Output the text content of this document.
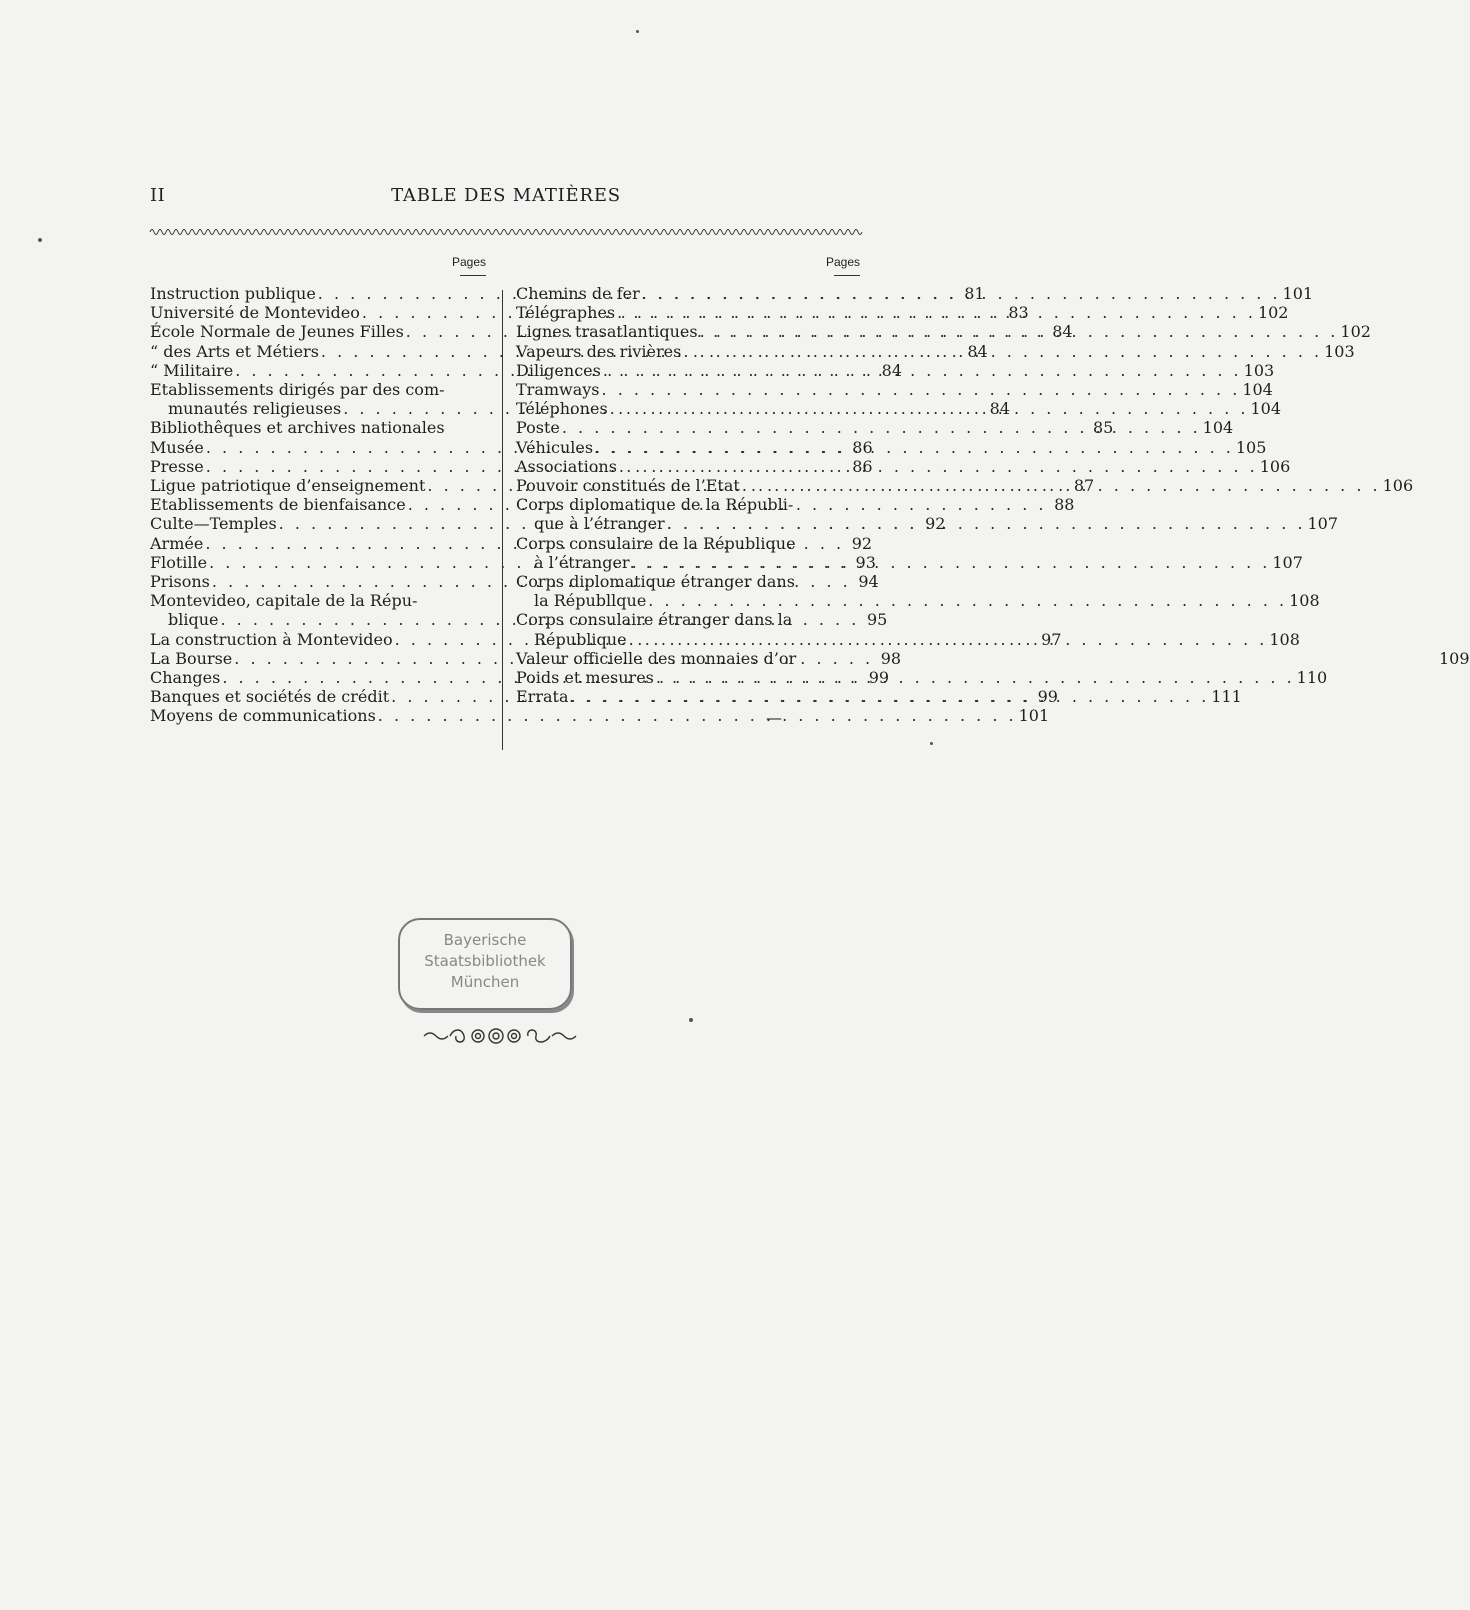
II	TABLE DES MATIÈRES
Pages
Instruction publique . . .	81
Université de Montevideo . . .	83
École Normale de Jeunes Filles . . .	84
“ des Arts et Métiers . . .	84
“ Militaire . . .	84
Etablissements dirigés par des com-
munautés religieuses . . .	84
Bibliothêques et archives nationales	85
Musée . . .	86
Presse . . .	86
Ligue patriotique d’enseignement . . .	87
Etablissements de bienfaisance . . .	88
Culte—Temples . . .	92
Armée . . .	92
Flotille . . .	93
Prisons . . .	94
Montevideo, capitale de la Répu-
blique . . .	95
La construction à Montevideo . . .	97
La Bourse . . .	98
Changes . . .	99
Banques et sociétés de crédit . . .	99
Moyens de communications . . .	101
Pages
Chemins de fer . . .	101
Télégraphes . . .	102
Lignes trasatlantiques . . .	102
Vapeurs des rivières . . .	103
Diligences . . .	103
Tramways . . .	104
Téléphones . . .	104
Poste . . .	104
Véhicules . . .	105
Associations . . .	106
Pouvoir constitués de l’Etat . . .	106
Corps diplomatique de la Républi-
que à l’étranger . . .	107
Corps consulaire de la République
à l’étranger . . .	107
Corps diplomatique étranger dans
la Républlque . . .	108
Corps consulaire étranger dans la
République . . .	108
Valeur officielle des monnaies d’or	109
Poids et mesures . . .	110
Errata . . .	111
—
Bayerische
Staatsbibliothek
München
